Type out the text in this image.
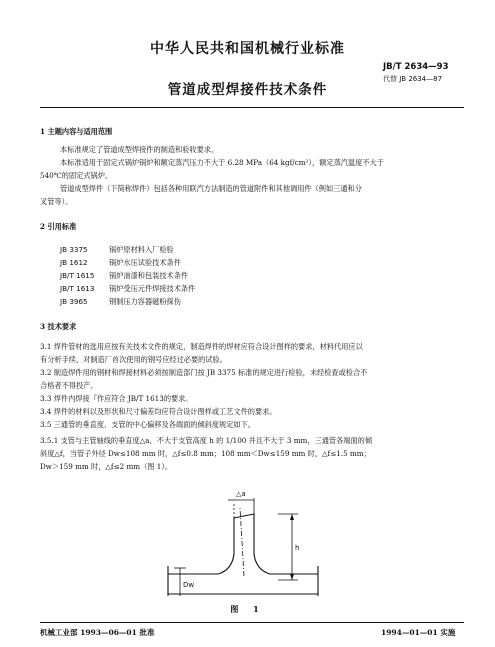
中华人民共和国机械行业标准
JB/T 2634—93
代替 JB 2634—87
管道成型焊接件技术条件
1 主题内容与适用范围
本标准规定了管道成型焊接件的制造和验收要求。
本标准适用于固定式锅炉锅炉和额定蒸汽压力不大于 6.28 MPa（64 kgf/cm²），额定蒸汽温度不大于
540℃的固定式锅炉。
管道成型焊件（下简称焊件）包括各种用联汽方法制造的管道附件和其他调用件（例如三通和分
叉管等）。
2 引用标准
JB 3375	锅炉原材料入厂检验
JB 1612	锅炉水压试验技术条件
JB/T 1615 锅炉油漆和包装技术条件
JB/T 1613 锅炉受压元件焊接技术条件
JB 3965	钢制压力容器磁粉探伤
3 技术要求
3.1 焊件管材的选用应按有关技术文件的规定，制造焊件的焊材应符合设计图样的要求，材料代用应以
有分析手续，对制造厂首次使用的钢号应经过必要的试验。
3.2 制造焊件用的钢材和焊接材料必须按制造部门按 JB 3375 标准的规定进行检验，未经检查或检合不
合格者不得投产。
3.3 焊件内焊接『作应符合 JB/T 1613的要求。
3.4 焊件的材料以及形状和尺寸偏差均应符合设计图样或工艺文件的要求。
3.5 三通管的垂直度、支管的中心偏移及各端面的倾斜度规定如下。
3.5.1 支管与主管轴线的垂直度△a，不大于支管高度 h 的 1/100 并且不大于 3 mm，三通管各端面的倾
斜度△f，当管子外径 Dw≤108 mm 时，△f≤0.8 mm；108 mm＜Dw≤159 mm 时，△f≤1.5 mm；
Dw＞159 mm 时，△f≤2 mm（图 1）。
△a
h
Dw
图 1
机械工业部 1993—06—01 批准	1994—01—01 实施
